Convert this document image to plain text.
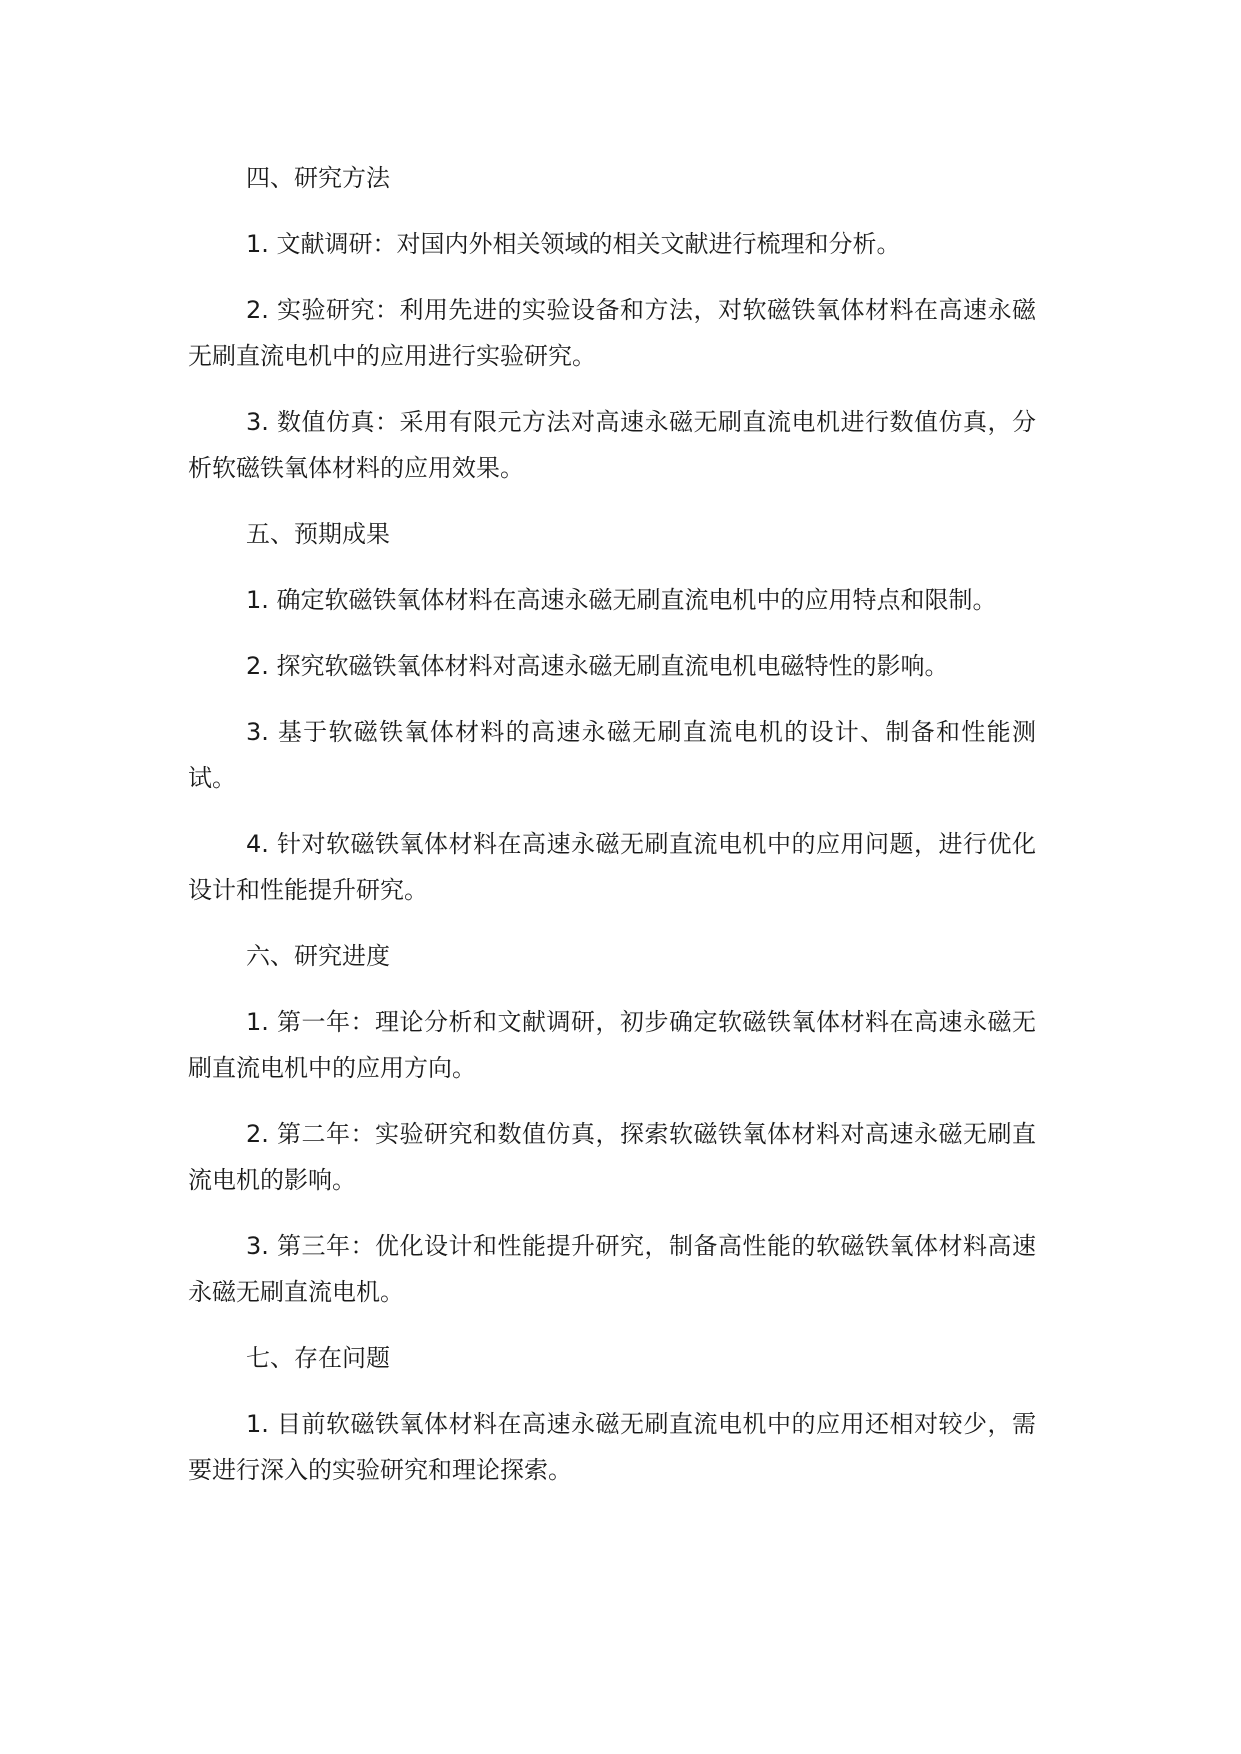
四、研究方法

1. 文献调研：对国内外相关领域的相关文献进行梳理和分析。

2. 实验研究：利用先进的实验设备和方法，对软磁铁氧体材料在高速永磁无刷直流电机中的应用进行实验研究。

3. 数值仿真：采用有限元方法对高速永磁无刷直流电机进行数值仿真，分析软磁铁氧体材料的应用效果。

五、预期成果

1. 确定软磁铁氧体材料在高速永磁无刷直流电机中的应用特点和限制。

2. 探究软磁铁氧体材料对高速永磁无刷直流电机电磁特性的影响。

3. 基于软磁铁氧体材料的高速永磁无刷直流电机的设计、制备和性能测试。

4. 针对软磁铁氧体材料在高速永磁无刷直流电机中的应用问题，进行优化设计和性能提升研究。

六、研究进度

1. 第一年：理论分析和文献调研，初步确定软磁铁氧体材料在高速永磁无刷直流电机中的应用方向。

2. 第二年：实验研究和数值仿真，探索软磁铁氧体材料对高速永磁无刷直流电机的影响。

3. 第三年：优化设计和性能提升研究，制备高性能的软磁铁氧体材料高速永磁无刷直流电机。

七、存在问题

1. 目前软磁铁氧体材料在高速永磁无刷直流电机中的应用还相对较少，需要进行深入的实验研究和理论探索。
